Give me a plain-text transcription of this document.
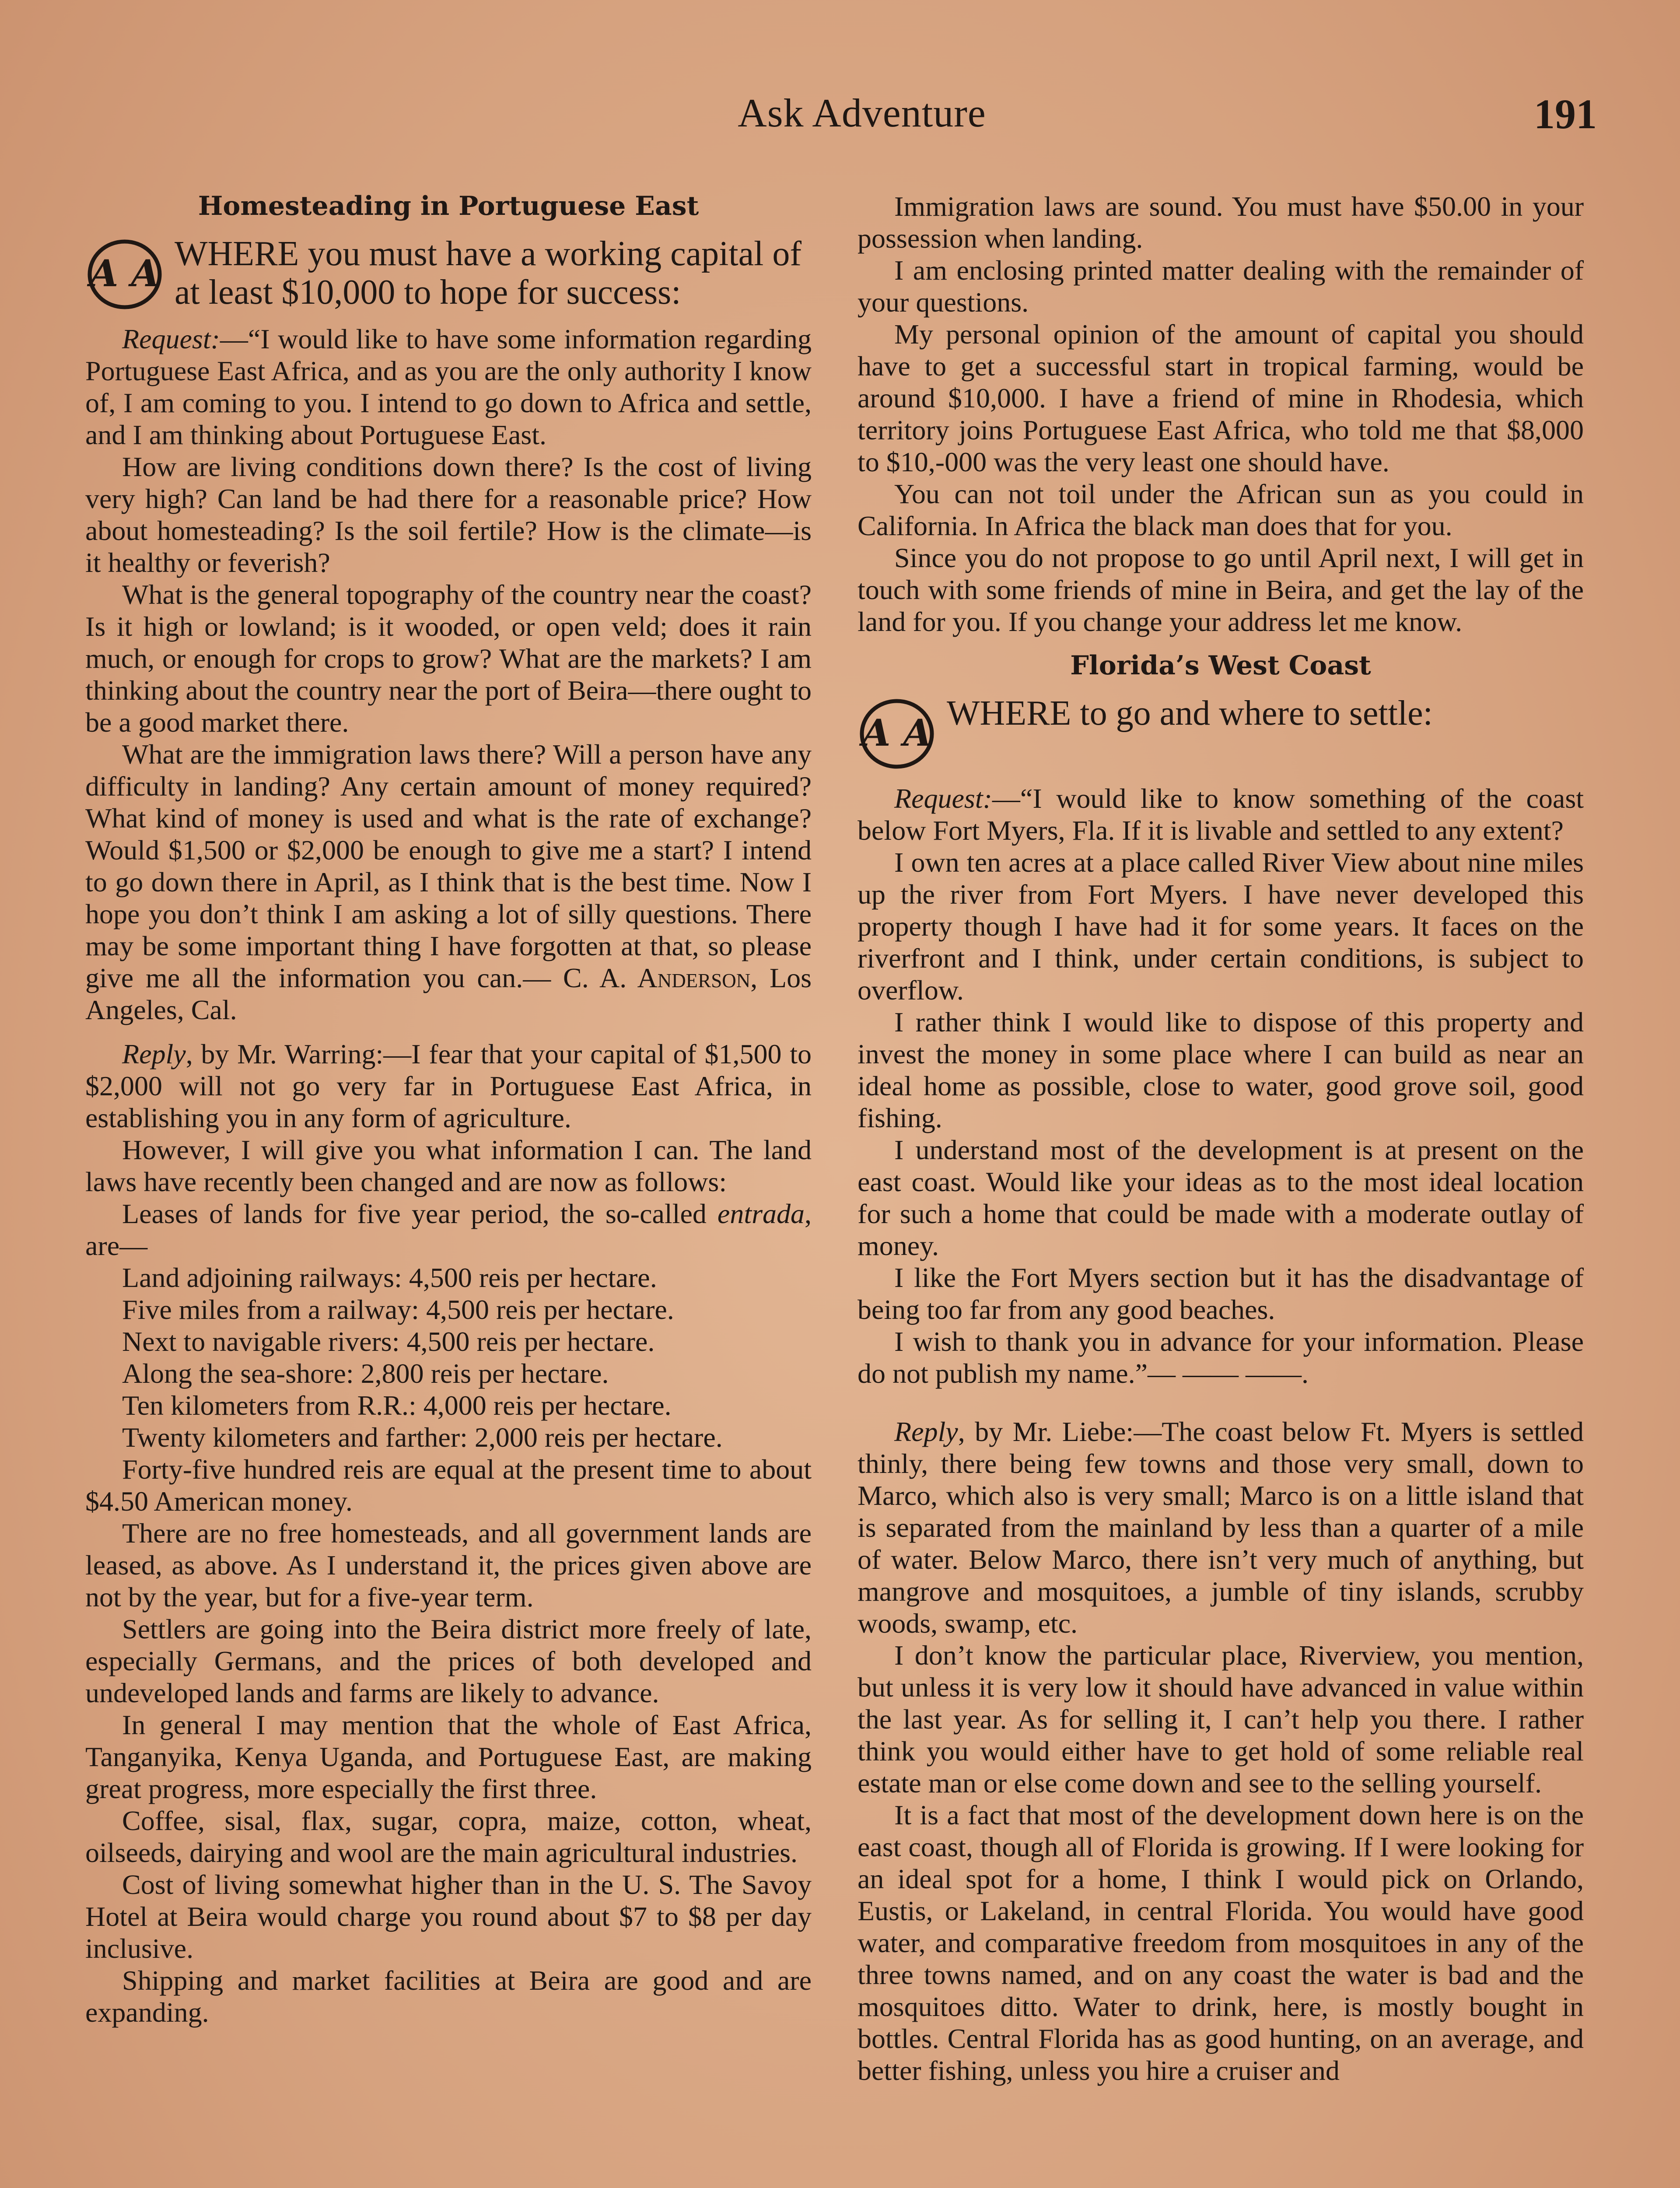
Ask Adventure	191
Homesteading in Portuguese East
A A WHERE you must have a working capital of at least $10,000 to hope for success:

Request:—“I would like to have some information regarding Portuguese East Africa, and as you are the only authority I know of, I am coming to you. I intend to go down to Africa and settle, and I am thinking about Portuguese East.

How are living conditions down there? Is the cost of living very high? Can land be had there for a reasonable price? How about homesteading? Is the soil fertile? How is the climate—is it healthy or feverish?

What is the general topography of the country near the coast? Is it high or lowland; is it wooded, or open veld; does it rain much, or enough for crops to grow? What are the markets? I am thinking about the country near the port of Beira—there ought to be a good market there.

What are the immigration laws there? Will a person have any difficulty in landing? Any certain amount of money required? What kind of money is used and what is the rate of exchange? Would $1,500 or $2,000 be enough to give me a start? I intend to go down there in April, as I think that is the best time. Now I hope you don’t think I am asking a lot of silly questions. There may be some important thing I have forgotten at that, so please give me all the information you can.— C. A. Anderson, Los Angeles, Cal.

Reply, by Mr. Warring:—I fear that your capital of $1,500 to $2,000 will not go very far in Portuguese East Africa, in establishing you in any form of agriculture.

However, I will give you what information I can. The land laws have recently been changed and are now as follows:

Leases of lands for five year period, the so-called entrada, are—

Land adjoining railways: 4,500 reis per hectare.

Five miles from a railway: 4,500 reis per hectare.

Next to navigable rivers: 4,500 reis per hectare.

Along the sea-shore: 2,800 reis per hectare.

Ten kilometers from R.R.: 4,000 reis per hectare.

Twenty kilometers and farther: 2,000 reis per hectare.

Forty-five hundred reis are equal at the present time to about $4.50 American money.

There are no free homesteads, and all government lands are leased, as above. As I understand it, the prices given above are not by the year, but for a five-year term.

Settlers are going into the Beira district more freely of late, especially Germans, and the prices of both developed and undeveloped lands and farms are likely to advance.

In general I may mention that the whole of East Africa, Tanganyika, Kenya Uganda, and Portuguese East, are making great progress, more especially the first three.

Coffee, sisal, flax, sugar, copra, maize, cotton, wheat, oilseeds, dairying and wool are the main agricultural industries.

Cost of living somewhat higher than in the U. S. The Savoy Hotel at Beira would charge you round about $7 to $8 per day inclusive.

Shipping and market facilities at Beira are good and are expanding.

Immigration laws are sound. You must have $50.00 in your possession when landing.

I am enclosing printed matter dealing with the remainder of your questions.

My personal opinion of the amount of capital you should have to get a successful start in tropical farming, would be around $10,000. I have a friend of mine in Rhodesia, which territory joins Portuguese East Africa, who told me that $8,000 to $10,-000 was the very least one should have.

You can not toil under the African sun as you could in California. In Africa the black man does that for you.

Since you do not propose to go until April next, I will get in touch with some friends of mine in Beira, and get the lay of the land for you. If you change your address let me know.

Florida’s West Coast
A A WHERE to go and where to settle:

Request:—“I would like to know something of the coast below Fort Myers, Fla. If it is livable and settled to any extent?

I own ten acres at a place called River View about nine miles up the river from Fort Myers. I have never developed this property though I have had it for some years. It faces on the riverfront and I think, under certain conditions, is subject to overflow.

I rather think I would like to dispose of this property and invest the money in some place where I can build as near an ideal home as possible, close to water, good grove soil, good fishing.

I understand most of the development is at present on the east coast. Would like your ideas as to the most ideal location for such a home that could be made with a moderate outlay of money.

I like the Fort Myers section but it has the disadvantage of being too far from any good beaches.

I wish to thank you in advance for your information. Please do not publish my name.”— —— ——.

Reply, by Mr. Liebe:—The coast below Ft. Myers is settled thinly, there being few towns and those very small, down to Marco, which also is very small; Marco is on a little island that is separated from the mainland by less than a quarter of a mile of water. Below Marco, there isn’t very much of anything, but mangrove and mosquitoes, a jumble of tiny islands, scrubby woods, swamp, etc.

I don’t know the particular place, Riverview, you mention, but unless it is very low it should have advanced in value within the last year. As for selling it, I can’t help you there. I rather think you would either have to get hold of some reliable real estate man or else come down and see to the selling yourself.

It is a fact that most of the development down here is on the east coast, though all of Florida is growing. If I were looking for an ideal spot for a home, I think I would pick on Orlando, Eustis, or Lakeland, in central Florida. You would have good water, and comparative freedom from mosquitoes in any of the three towns named, and on any coast the water is bad and the mosquitoes ditto. Water to drink, here, is mostly bought in bottles. Central Florida has as good hunting, on an average, and better fishing, unless you hire a cruiser and
